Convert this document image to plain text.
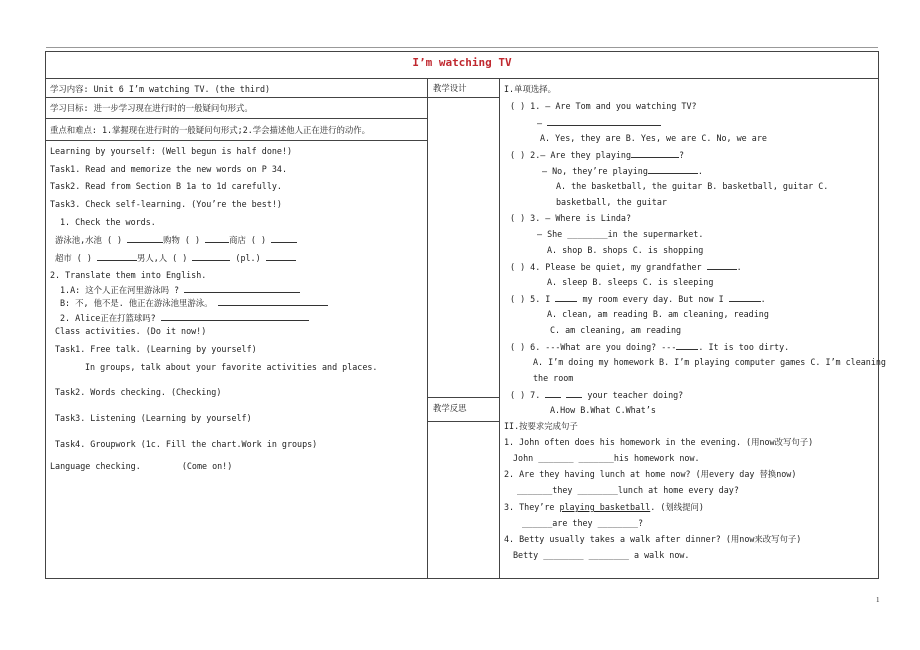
I’m watching TV
学习内容: Unit 6 I’m watching TV. (the third)
学习目标: 进一步学习现在进行时的一般疑问句形式。
重点和难点: 1.掌握现在进行时的一般疑问句形式;2.学会描述他人正在进行的动作。
Learning by yourself: (Well begun is half done!)
Task1. Read and memorize the new words on P 34.
Task2. Read from Section B 1a to 1d carefully.
Task3. Check self-learning. (You’re the best!)
1. Check the words.
游泳池,水池 ( )	购物 ( )	商店 ( )
超市 ( )	男人,人 ( )	(pl.)
2. Translate them into English.
1.A: 这个人正在河里游泳吗 ?
B: 不, 他不是. 他正在游泳池里游泳。
2. Alice正在打篮球吗?
Class activities. (Do it now!)
Task1. Free talk. (Learning by yourself)
In groups, talk about your favorite activities and places.
Task2. Words checking. (Checking)
Task3. Listening (Learning by yourself)
Task4. Groupwork (1c. Fill the chart.Work in groups)
Language checking.	(Come on!)
教学设计
教学反思
I.单项选择。
( ) 1. — Are Tom and you watching TV?
—
A. Yes, they are B. Yes, we are C. No, we are
( ) 2.— Are they playing	?
— No, they’re playing	.
A. the basketball, the guitar B. basketball, guitar C.
basketball, the guitar
( ) 3. — Where is Linda?
— She ________in the supermarket.
A. shop B. shops C. is shopping
( ) 4. Please be quiet, my grandfather	.
A. sleep B. sleeps C. is sleeping
( ) 5. I	my room every day. But now I	.
A. clean, am reading B. am cleaning, reading
C. am cleaning, am reading
( ) 6. ---What are you doing? ---	. It is too dirty.
A. I’m doing my homework B. I’m playing computer games C. I’m cleaning
the room
( ) 7.	your teacher doing?
A.How B.What C.What’s
II.按要求完成句子
1. John often does his homework in the evening. (用now改写句子)
John _______ _______his homework now.
2. Are they having lunch at home now? (用every day 替换now)
_______they ________lunch at home every day?
3. They’re playing basketball. (划线提问)
______are they ________?
4. Betty usually takes a walk after dinner? (用now来改写句子)
Betty ________ ________ a walk now.
1
